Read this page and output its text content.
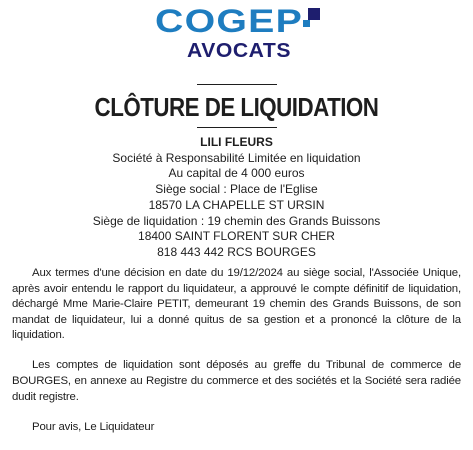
COGEP
AVOCATS
CLÔTURE DE LIQUIDATION
LILI FLEURS
Société à Responsabilité Limitée en liquidation
Au capital de 4 000 euros
Siège social : Place de l'Eglise
18570 LA CHAPELLE ST URSIN
Siège de liquidation : 19 chemin des Grands Buissons
18400 SAINT FLORENT SUR CHER
818 443 442 RCS BOURGES

Aux termes d'une décision en date du 19/12/2024 au siège social, l'Associée Unique, après avoir entendu le rapport du liquidateur, a approuvé le compte définitif de liquidation, déchargé Mme Marie-Claire PETIT, demeurant 19 chemin des Grands Buissons, de son mandat de liquidateur, lui a donné quitus de sa gestion et a prononcé la clôture de la liquidation.

Les comptes de liquidation sont déposés au greffe du Tribunal de commerce de BOURGES, en annexe au Registre du commerce et des sociétés et la Société sera radiée dudit registre.

Pour avis, Le Liquidateur
